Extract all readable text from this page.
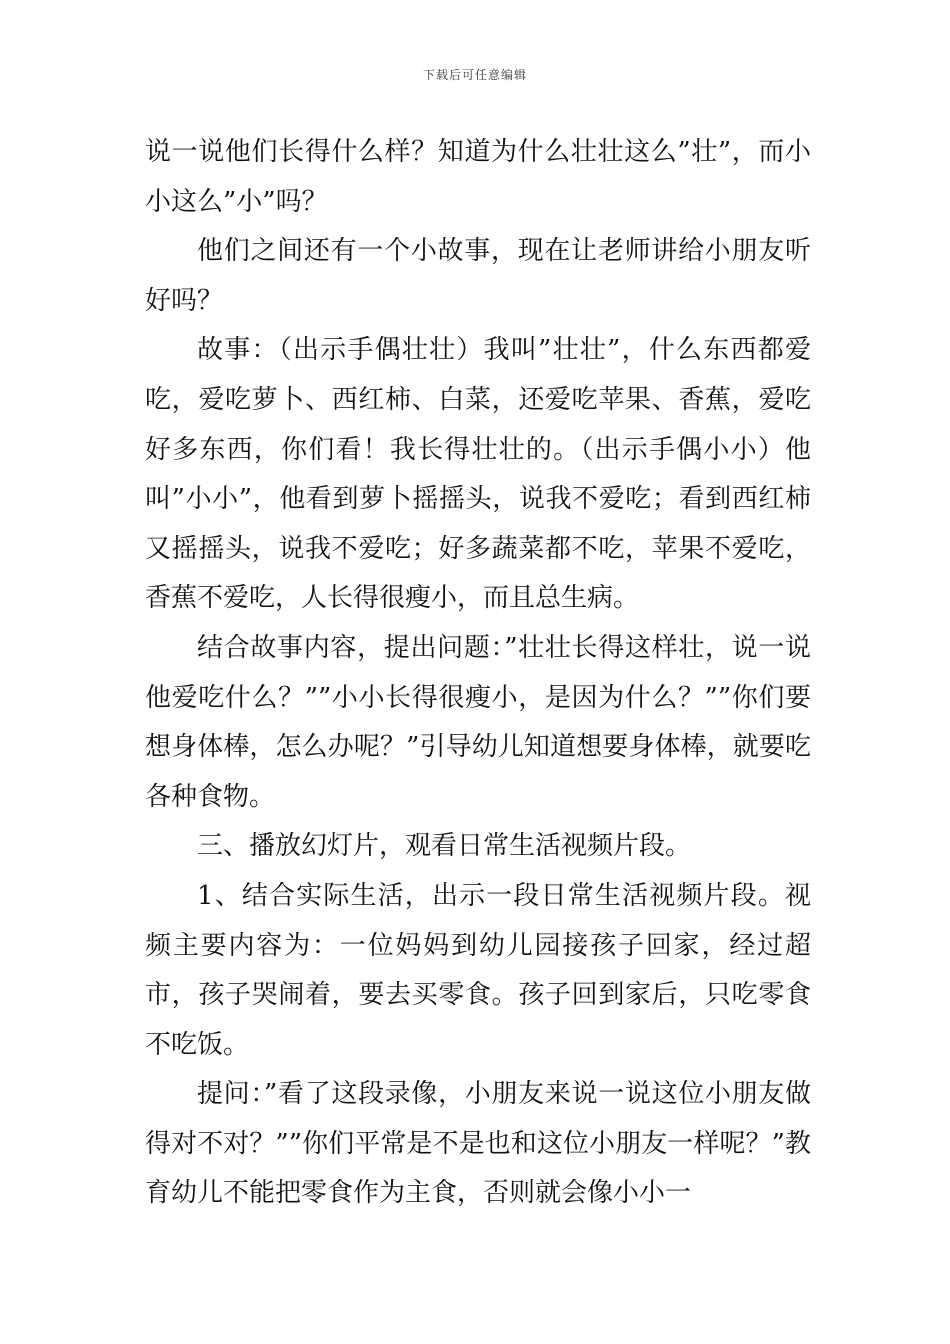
下载后可任意编辑

说一说他们长得什么样？知道为什么壮壮这么”壮”，而小小这么”小”吗？

他们之间还有一个小故事，现在让老师讲给小朋友听好吗？

故事：（出示手偶壮壮）我叫”壮壮”，什么东西都爱吃，爱吃萝卜、西红柿、白菜，还爱吃苹果、香蕉，爱吃好多东西，你们看！我长得壮壮的。（出示手偶小小）他叫”小小”，他看到萝卜摇摇头，说我不爱吃；看到西红柿又摇摇头，说我不爱吃；好多蔬菜都不吃，苹果不爱吃，香蕉不爱吃，人长得很瘦小，而且总生病。

结合故事内容，提出问题：”壮壮长得这样壮，说一说他爱吃什么？””小小长得很瘦小，是因为什么？””你们要想身体棒，怎么办呢？”引导幼儿知道想要身体棒，就要吃各种食物。

三、播放幻灯片，观看日常生活视频片段。

1、结合实际生活，出示一段日常生活视频片段。视频主要内容为：一位妈妈到幼儿园接孩子回家，经过超市，孩子哭闹着，要去买零食。孩子回到家后，只吃零食不吃饭。

提问：”看了这段录像，小朋友来说一说这位小朋友做得对不对？””你们平常是不是也和这位小朋友一样呢？”教育幼儿不能把零食作为主食，否则就会像小小一
